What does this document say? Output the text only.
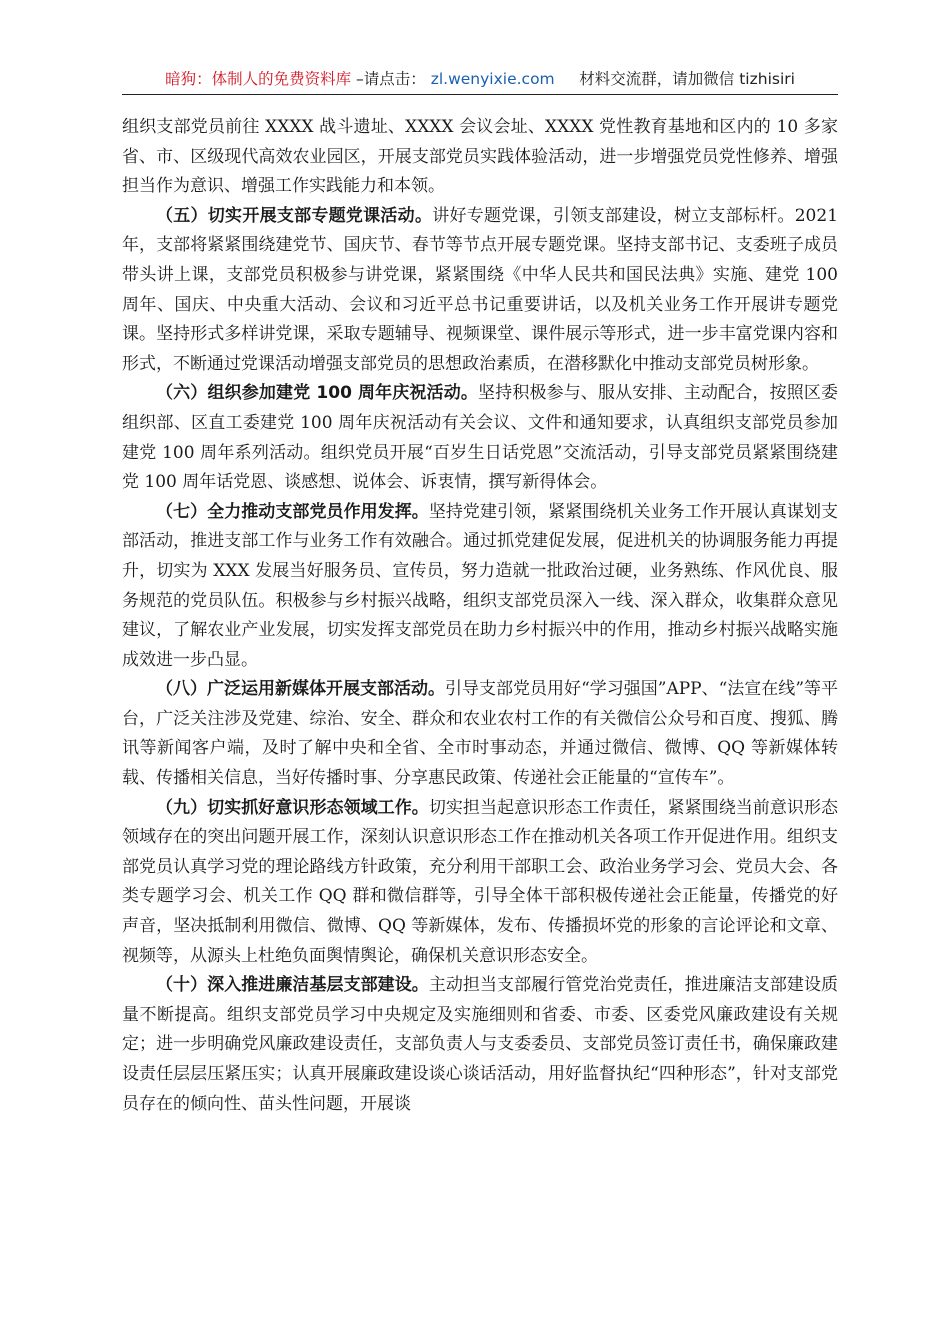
暗狗：体制人的免费资料库 –请点击： zl.wenyixie.com 材料交流群，请加微信 tizhisiri

组织支部党员前往 XXXX 战斗遗址、XXXX 会议会址、XXXX 党性教育基地和区内的 10 多家省、市、区级现代高效农业园区，开展支部党员实践体验活动，进一步增强党员党性修养、增强担当作为意识、增强工作实践能力和本领。

（五）切实开展支部专题党课活动。讲好专题党课，引领支部建设，树立支部标杆。2021 年，支部将紧紧围绕建党节、国庆节、春节等节点开展专题党课。坚持支部书记、支委班子成员带头讲上课，支部党员积极参与讲党课，紧紧围绕《中华人民共和国民法典》实施、建党 100 周年、国庆、中央重大活动、会议和习近平总书记重要讲话，以及机关业务工作开展讲专题党课。坚持形式多样讲党课，采取专题辅导、视频课堂、课件展示等形式，进一步丰富党课内容和形式，不断通过党课活动增强支部党员的思想政治素质，在潜移默化中推动支部党员树形象。

（六）组织参加建党 100 周年庆祝活动。坚持积极参与、服从安排、主动配合，按照区委组织部、区直工委建党 100 周年庆祝活动有关会议、文件和通知要求，认真组织支部党员参加建党 100 周年系列活动。组织党员开展“百岁生日话党恩”交流活动，引导支部党员紧紧围绕建党 100 周年话党恩、谈感想、说体会、诉衷情，撰写新得体会。

（七）全力推动支部党员作用发挥。坚持党建引领，紧紧围绕机关业务工作开展认真谋划支部活动，推进支部工作与业务工作有效融合。通过抓党建促发展，促进机关的协调服务能力再提升，切实为 XXX 发展当好服务员、宣传员，努力造就一批政治过硬，业务熟练、作风优良、服务规范的党员队伍。积极参与乡村振兴战略，组织支部党员深入一线、深入群众，收集群众意见建议，了解农业产业发展，切实发挥支部党员在助力乡村振兴中的作用，推动乡村振兴战略实施成效进一步凸显。

（八）广泛运用新媒体开展支部活动。引导支部党员用好“学习强国”APP、“法宣在线”等平台，广泛关注涉及党建、综治、安全、群众和农业农村工作的有关微信公众号和百度、搜狐、腾讯等新闻客户端，及时了解中央和全省、全市时事动态，并通过微信、微博、QQ 等新媒体转载、传播相关信息，当好传播时事、分享惠民政策、传递社会正能量的“宣传车”。

（九）切实抓好意识形态领域工作。切实担当起意识形态工作责任，紧紧围绕当前意识形态领域存在的突出问题开展工作，深刻认识意识形态工作在推动机关各项工作开促进作用。组织支部党员认真学习党的理论路线方针政策，充分利用干部职工会、政治业务学习会、党员大会、各类专题学习会、机关工作 QQ 群和微信群等，引导全体干部积极传递社会正能量，传播党的好声音，坚决抵制利用微信、微博、QQ 等新媒体，发布、传播损坏党的形象的言论评论和文章、视频等，从源头上杜绝负面舆情舆论，确保机关意识形态安全。

（十）深入推进廉洁基层支部建设。主动担当支部履行管党治党责任，推进廉洁支部建设质量不断提高。组织支部党员学习中央规定及实施细则和省委、市委、区委党风廉政建设有关规定；进一步明确党风廉政建设责任，支部负责人与支委委员、支部党员签订责任书，确保廉政建设责任层层压紧压实；认真开展廉政建设谈心谈话活动，用好监督执纪“四种形态”，针对支部党员存在的倾向性、苗头性问题，开展谈
